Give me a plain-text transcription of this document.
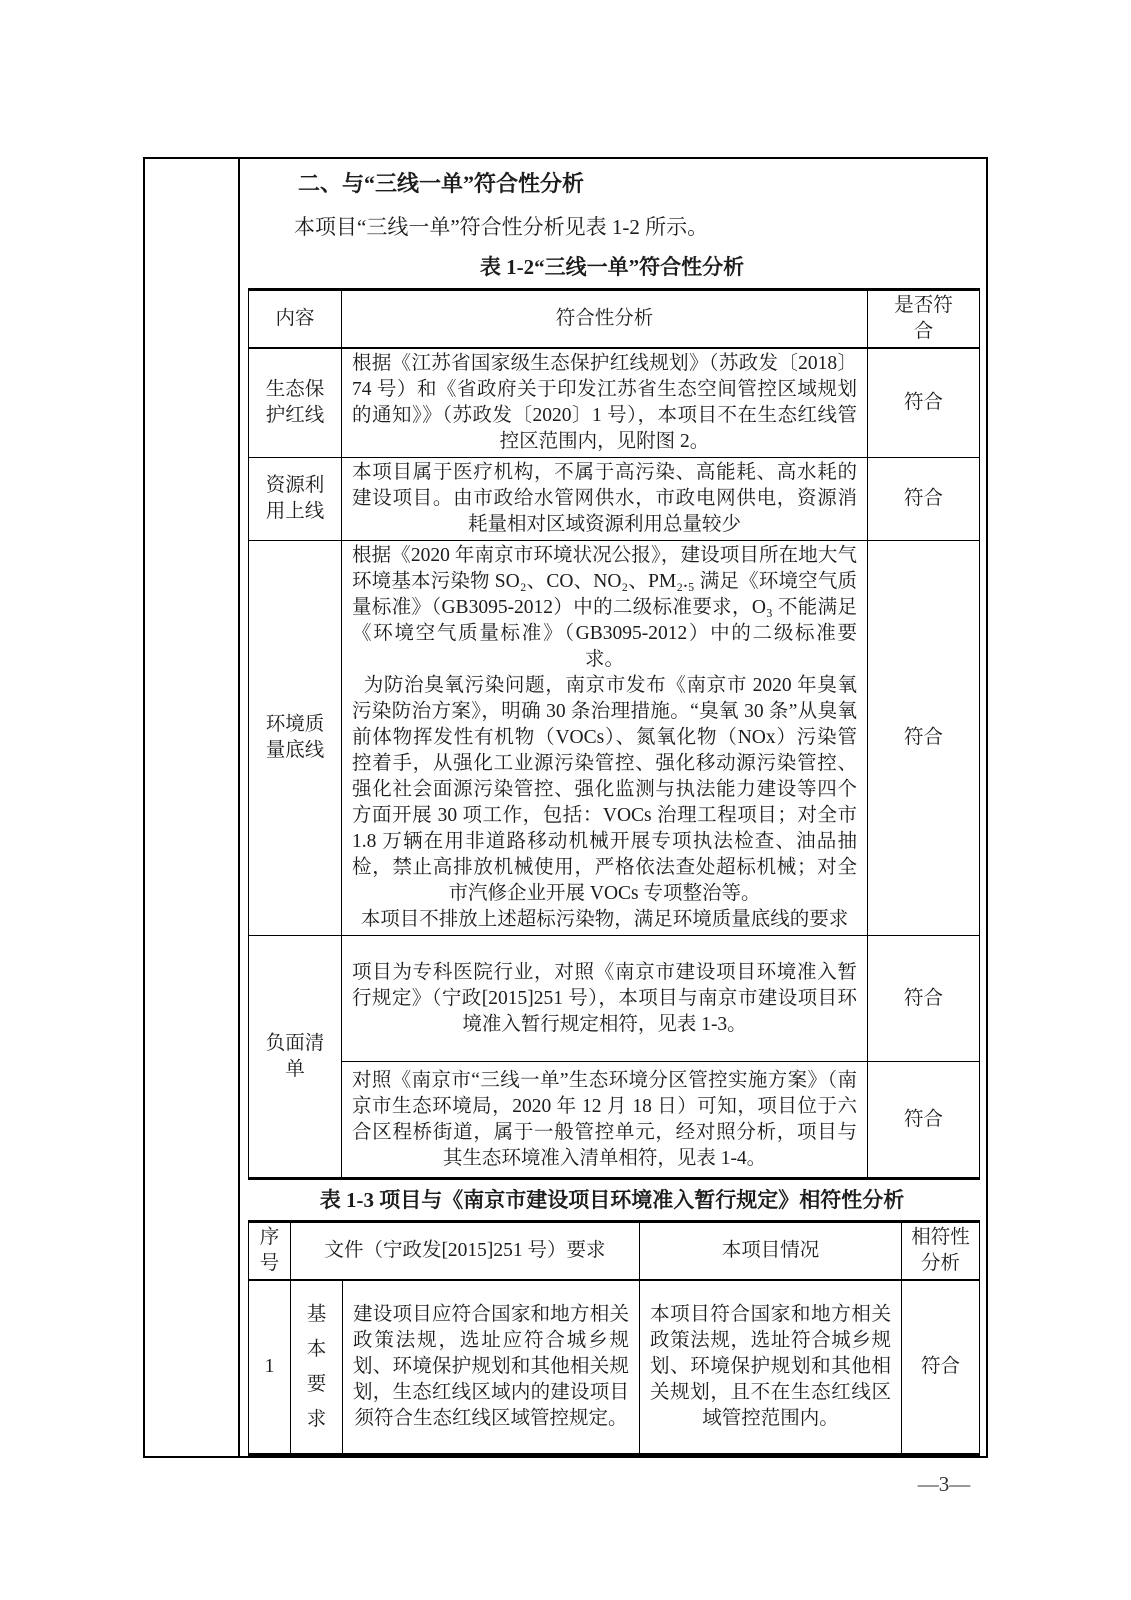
二、与“三线一单”符合性分析
本项目“三线一单”符合性分析见表 1-2 所示。
表 1-2“三线一单”符合性分析
内容	符合性分析	是否符合
生态保护红线	根据《江苏省国家级生态保护红线规划》（苏政发〔2018〕74 号）和《省政府关于印发江苏省生态空间管控区域规划的通知》》（苏政发〔2020〕1 号），本项目不在生态红线管控区范围内，见附图 2。	符合
资源利用上线	本项目属于医疗机构，不属于高污染、高能耗、高水耗的建设项目。由市政给水管网供水，市政电网供电，资源消耗量相对区域资源利用总量较少	符合
环境质量底线	根据《2020 年南京市环境状况公报》，建设项目所在地大气环境基本污染物 SO₂、CO、NO₂、PM₂.₅ 满足《环境空气质量标准》（GB3095-2012）中的二级标准要求，O₃ 不能满足《环境空气质量标准》（GB3095-2012）中的二级标准要求。

为防治臭氧污染问题，南京市发布《南京市 2020 年臭氧污染防治方案》，明确 30 条治理措施。“臭氧 30 条”从臭氧前体物挥发性有机物（VOCs）、氮氧化物（NOx）污染管控着手，从强化工业源污染管控、强化移动源污染管控、强化社会面源污染管控、强化监测与执法能力建设等四个方面开展 30 项工作，包括：VOCs 治理工程项目；对全市 1.8 万辆在用非道路移动机械开展专项执法检查、油品抽检，禁止高排放机械使用，严格依法查处超标机械；对全市汽修企业开展 VOCs 专项整治等。

本项目不排放上述超标污染物，满足环境质量底线的要求	符合
负面清单	项目为专科医院行业，对照《南京市建设项目环境准入暂行规定》（宁政[2015]251 号），本项目与南京市建设项目环境准入暂行规定相符，见表 1-3。	符合
	对照《南京市“三线一单”生态环境分区管控实施方案》（南京市生态环境局，2020 年 12 月 18 日）可知，项目位于六合区程桥街道，属于一般管控单元，经对照分析，项目与其生态环境准入清单相符，见表 1-4。	符合
表 1-3 项目与《南京市建设项目环境准入暂行规定》相符性分析
序号	文件（宁政发[2015]251 号）要求		本项目情况	相符性分析
1	基本要求	建设项目应符合国家和地方相关政策法规，选址应符合城乡规划、环境保护规划和其他相关规划，生态红线区域内的建设项目须符合生态红线区域管控规定。	本项目符合国家和地方相关政策法规，选址符合城乡规划、环境保护规划和其他相关规划，且不在生态红线区域管控范围内。	符合
—3—
